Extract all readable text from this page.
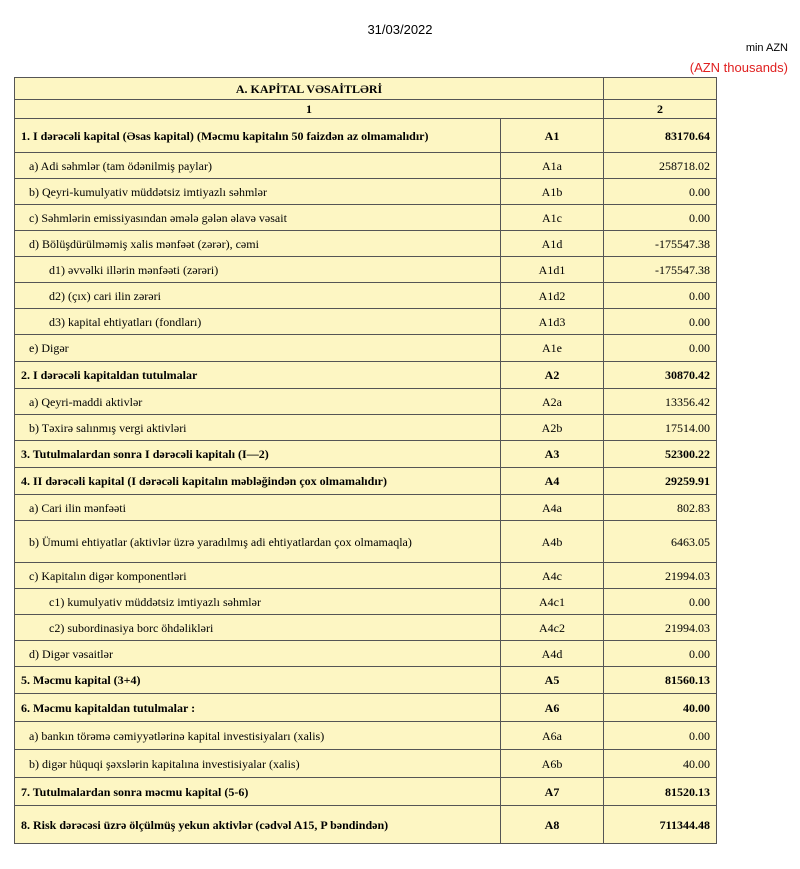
31/03/2022
min AZN
(AZN thousands)
A. KAPİTAL VƏSAİTLƏRİ		
1		2
1. I dərəcəli kapital (Əsas kapital) (Məcmu kapitalın 50 faizdən az olmamalıdır)	A1	83170.64
a) Adi səhmlər (tam ödənilmiş paylar)	A1a	258718.02
b) Qeyri-kumulyativ müddətsiz imtiyazlı səhmlər	A1b	0.00
c) Səhmlərin emissiyasından əmələ gələn əlavə vəsait	A1c	0.00
d) Bölüşdürülməmiş xalis mənfəət (zərər), cəmi	A1d	-175547.38
d1) əvvəlki illərin mənfəəti (zərəri)	A1d1	-175547.38
d2) (çıx) cari ilin zərəri	A1d2	0.00
d3) kapital ehtiyatları (fondları)	A1d3	0.00
e) Digər	A1e	0.00
2. I dərəcəli kapitaldan tutulmalar	A2	30870.42
a) Qeyri-maddi aktivlər	A2a	13356.42
b) Təxirə salınmış vergi aktivləri	A2b	17514.00
3. Tutulmalardan sonra I dərəcəli kapitalı (I—2)	A3	52300.22
4. II dərəcəli kapital (I dərəcəli kapitalın məbləğindən çox olmamalıdır)	A4	29259.91
a) Cari ilin mənfəəti	A4a	802.83
b) Ümumi ehtiyatlar (aktivlər üzrə yaradılmış adi ehtiyatlardan çox olmamaqla)	A4b	6463.05
c) Kapitalın digər komponentləri	A4c	21994.03
c1) kumulyativ müddətsiz imtiyazlı səhmlər	A4c1	0.00
c2) subordinasiya borc öhdəlikləri	A4c2	21994.03
d) Digər vəsaitlər	A4d	0.00
5. Məcmu kapital (3+4)	A5	81560.13
6. Məcmu kapitaldan tutulmalar :	A6	40.00
a) bankın törəmə cəmiyyətlərinə kapital investisiyaları (xalis)	A6a	0.00
b) digər hüquqi şəxslərin kapitalına investisiyalar (xalis)	A6b	40.00
7. Tutulmalardan sonra məcmu kapital (5-6)	A7	81520.13
8. Risk dərəcəsi üzrə ölçülmüş yekun aktivlər (cədvəl A15, P bəndindən)	A8	711344.48
